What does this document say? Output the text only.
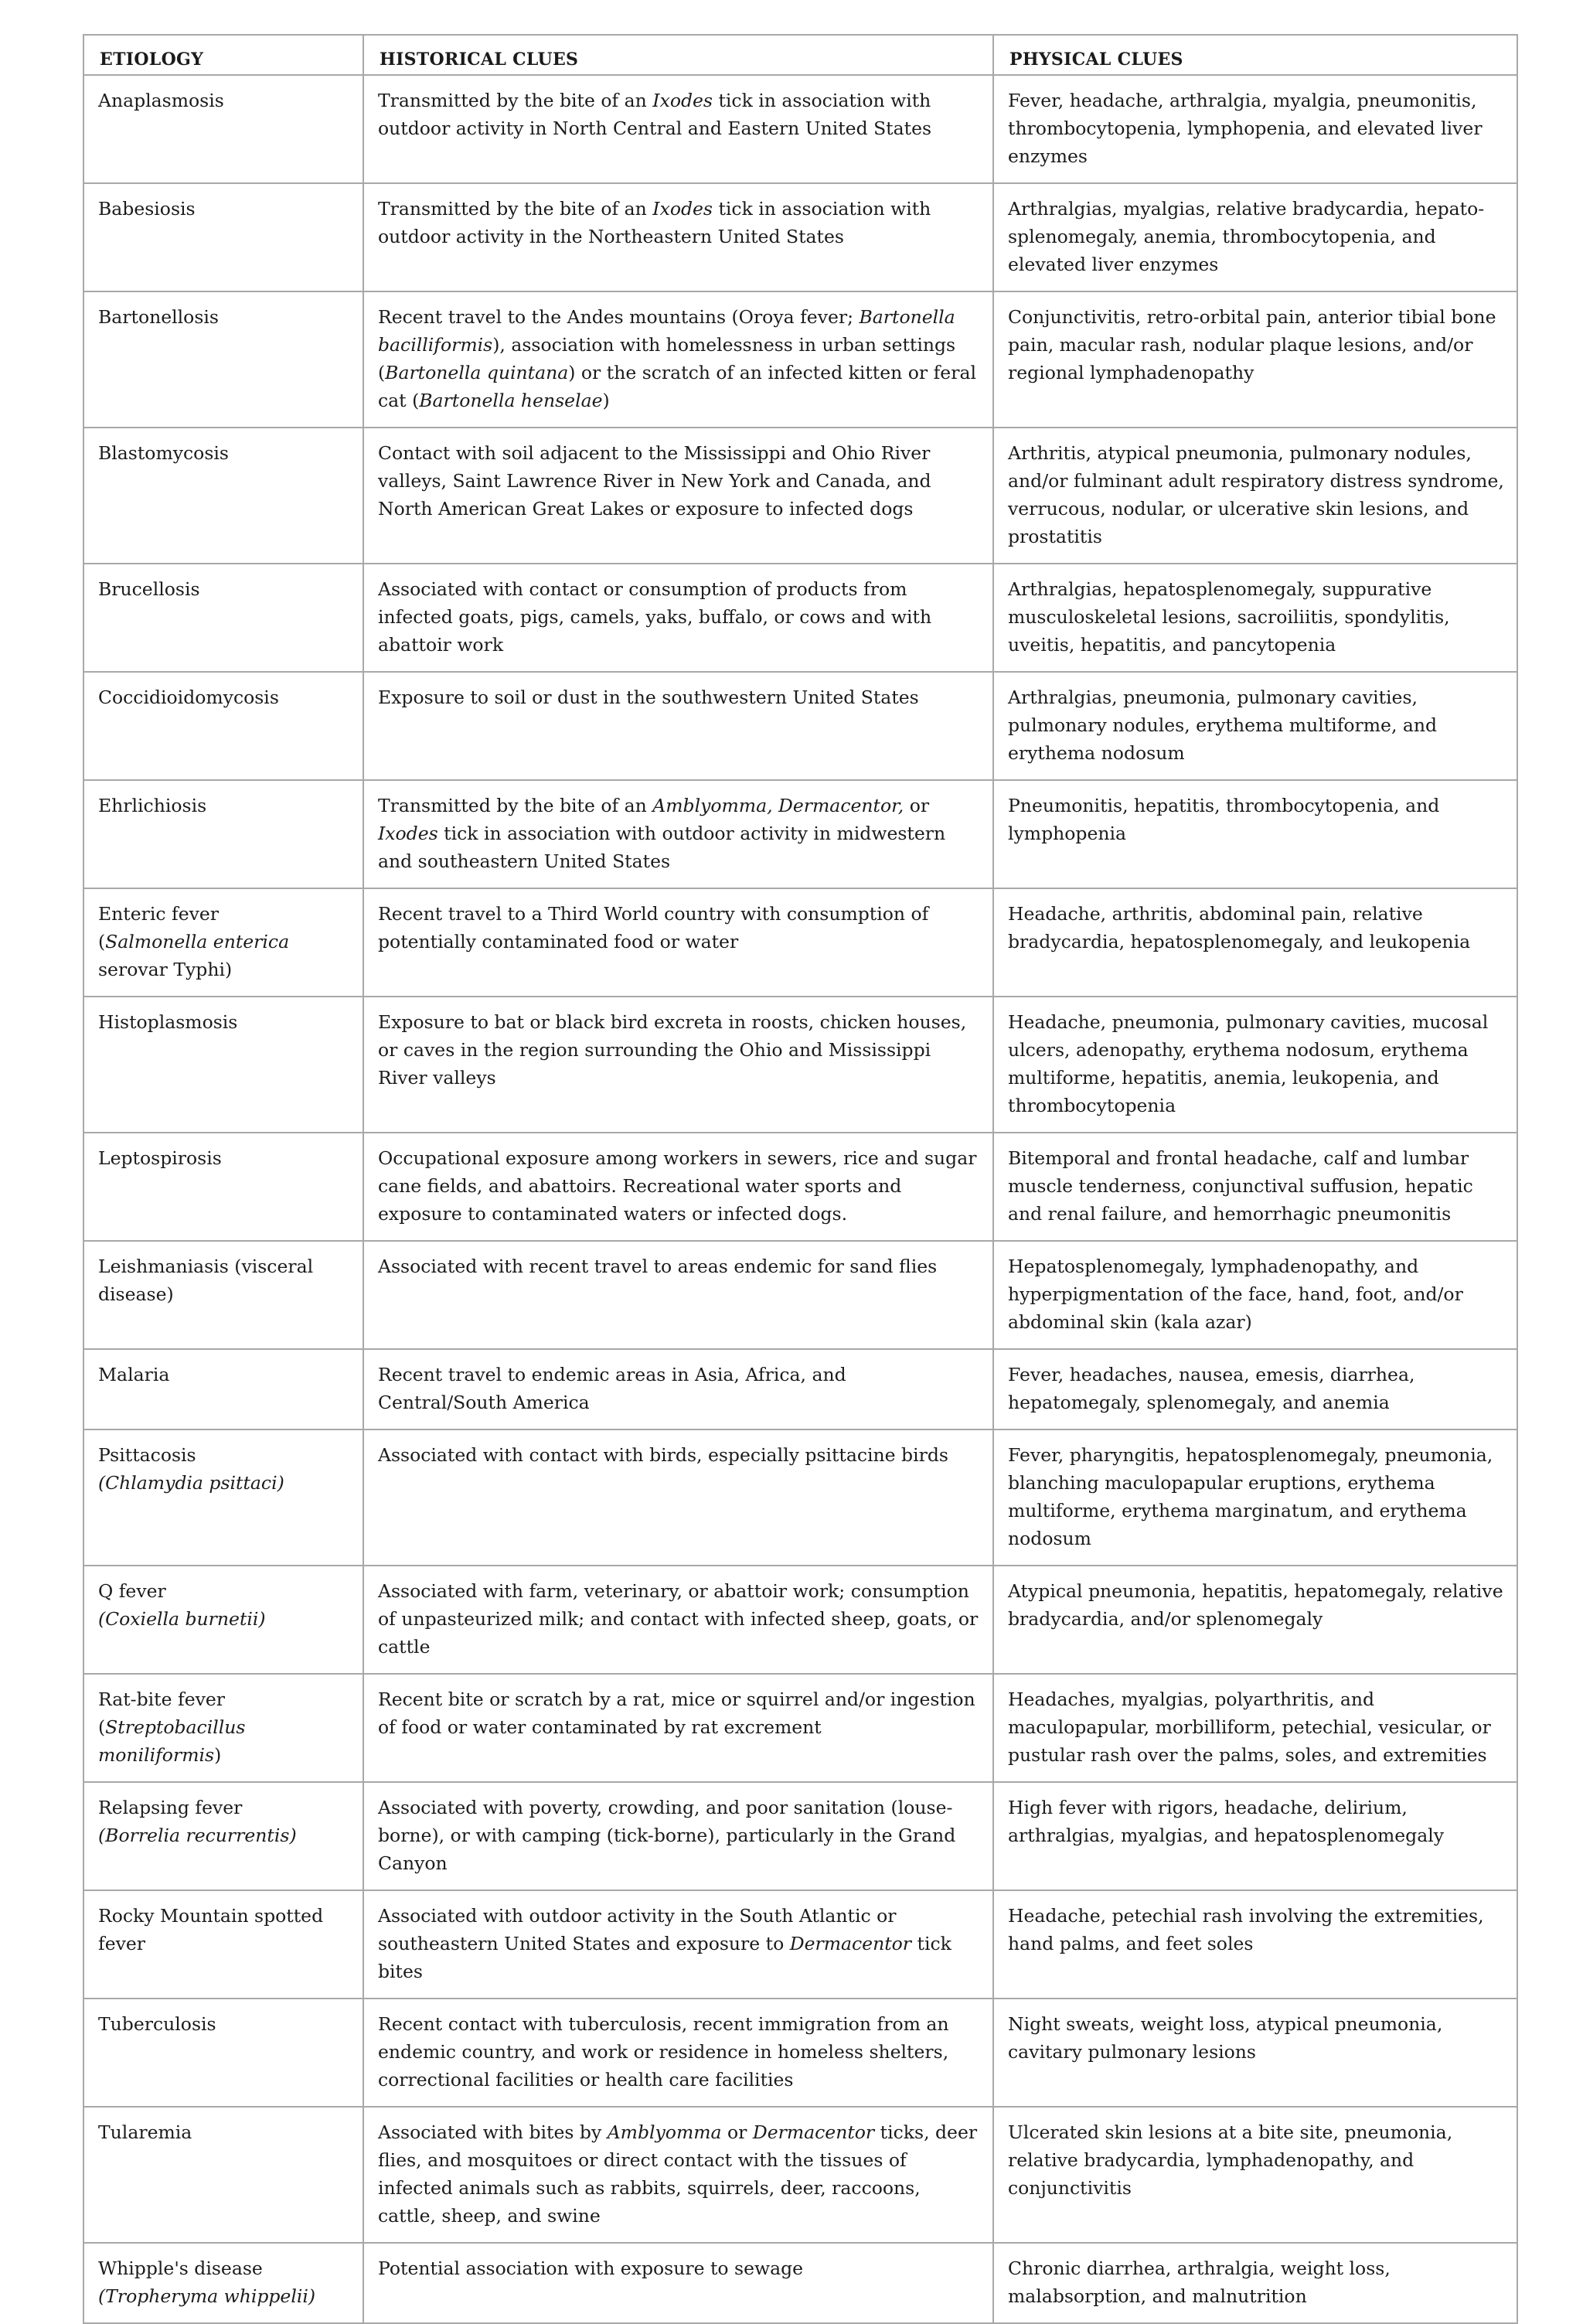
ETIOLOGY	HISTORICAL CLUES	PHYSICAL CLUES

Anaplasmosis	Transmitted by the bite of an Ixodes tick in association with outdoor activity in North Central and Eastern United States	Fever, headache, arthralgia, myalgia, pneumonitis, thrombocytopenia, lymphopenia, and elevated liver enzymes

Babesiosis	Transmitted by the bite of an Ixodes tick in association with outdoor activity in the Northeastern United States	Arthralgias, myalgias, relative bradycardia, hepato-splenomegaly, anemia, thrombocytopenia, and elevated liver enzymes

Bartonellosis	Recent travel to the Andes mountains (Oroya fever; Bartonella bacilliformis), association with homelessness in urban settings (Bartonella quintana) or the scratch of an infected kitten or feral cat (Bartonella henselae)	Conjunctivitis, retro-orbital pain, anterior tibial bone pain, macular rash, nodular plaque lesions, and/or regional lymphadenopathy

Blastomycosis	Contact with soil adjacent to the Mississippi and Ohio River valleys, Saint Lawrence River in New York and Canada, and North American Great Lakes or exposure to infected dogs	Arthritis, atypical pneumonia, pulmonary nodules, and/or fulminant adult respiratory distress syndrome, verrucous, nodular, or ulcerative skin lesions, and prostatitis

Brucellosis	Associated with contact or consumption of products from infected goats, pigs, camels, yaks, buffalo, or cows and with abattoir work	Arthralgias, hepatosplenomegaly, suppurative musculoskeletal lesions, sacroiliitis, spondylitis, uveitis, hepatitis, and pancytopenia

Coccidioidomycosis	Exposure to soil or dust in the southwestern United States	Arthralgias, pneumonia, pulmonary cavities, pulmonary nodules, erythema multiforme, and erythema nodosum

Ehrlichiosis	Transmitted by the bite of an Amblyomma, Dermacentor, or Ixodes tick in association with outdoor activity in midwestern and southeastern United States	Pneumonitis, hepatitis, thrombocytopenia, and lymphopenia

Enteric fever
(Salmonella enterica serovar Typhi)	Recent travel to a Third World country with consumption of potentially contaminated food or water	Headache, arthritis, abdominal pain, relative bradycardia, hepatosplenomegaly, and leukopenia

Histoplasmosis	Exposure to bat or black bird excreta in roosts, chicken houses, or caves in the region surrounding the Ohio and Mississippi River valleys	Headache, pneumonia, pulmonary cavities, mucosal ulcers, adenopathy, erythema nodosum, erythema multiforme, hepatitis, anemia, leukopenia, and thrombocytopenia

Leptospirosis	Occupational exposure among workers in sewers, rice and sugar cane fields, and abattoirs. Recreational water sports and exposure to contaminated waters or infected dogs.	Bitemporal and frontal headache, calf and lumbar muscle tenderness, conjunctival suffusion, hepatic and renal failure, and hemorrhagic pneumonitis

Leishmaniasis (visceral disease)	Associated with recent travel to areas endemic for sand flies	Hepatosplenomegaly, lymphadenopathy, and hyperpigmentation of the face, hand, foot, and/or abdominal skin (kala azar)

Malaria	Recent travel to endemic areas in Asia, Africa, and Central/South America	Fever, headaches, nausea, emesis, diarrhea, hepatomegaly, splenomegaly, and anemia

Psittacosis
(Chlamydia psittaci)	Associated with contact with birds, especially psittacine birds	Fever, pharyngitis, hepatosplenomegaly, pneumonia, blanching maculopapular eruptions, erythema multiforme, erythema marginatum, and erythema nodosum

Q fever
(Coxiella burnetii)	Associated with farm, veterinary, or abattoir work; consumption of unpasteurized milk; and contact with infected sheep, goats, or cattle	Atypical pneumonia, hepatitis, hepatomegaly, relative bradycardia, and/or splenomegaly

Rat-bite fever
(Streptobacillus moniliformis)	Recent bite or scratch by a rat, mice or squirrel and/or ingestion of food or water contaminated by rat excrement	Headaches, myalgias, polyarthritis, and maculopapular, morbilliform, petechial, vesicular, or pustular rash over the palms, soles, and extremities

Relapsing fever
(Borrelia recurrentis)	Associated with poverty, crowding, and poor sanitation (louse-borne), or with camping (tick-borne), particularly in the Grand Canyon	High fever with rigors, headache, delirium, arthralgias, myalgias, and hepatosplenomegaly

Rocky Mountain spotted fever	Associated with outdoor activity in the South Atlantic or southeastern United States and exposure to Dermacentor tick bites	Headache, petechial rash involving the extremities, hand palms, and feet soles

Tuberculosis	Recent contact with tuberculosis, recent immigration from an endemic country, and work or residence in homeless shelters, correctional facilities or health care facilities	Night sweats, weight loss, atypical pneumonia, cavitary pulmonary lesions

Tularemia	Associated with bites by Amblyomma or Dermacentor ticks, deer flies, and mosquitoes or direct contact with the tissues of infected animals such as rabbits, squirrels, deer, raccoons, cattle, sheep, and swine	Ulcerated skin lesions at a bite site, pneumonia, relative bradycardia, lymphadenopathy, and conjunctivitis

Whipple's disease
(Tropheryma whippelii)	Potential association with exposure to sewage	Chronic diarrhea, arthralgia, weight loss, malabsorption, and malnutrition
